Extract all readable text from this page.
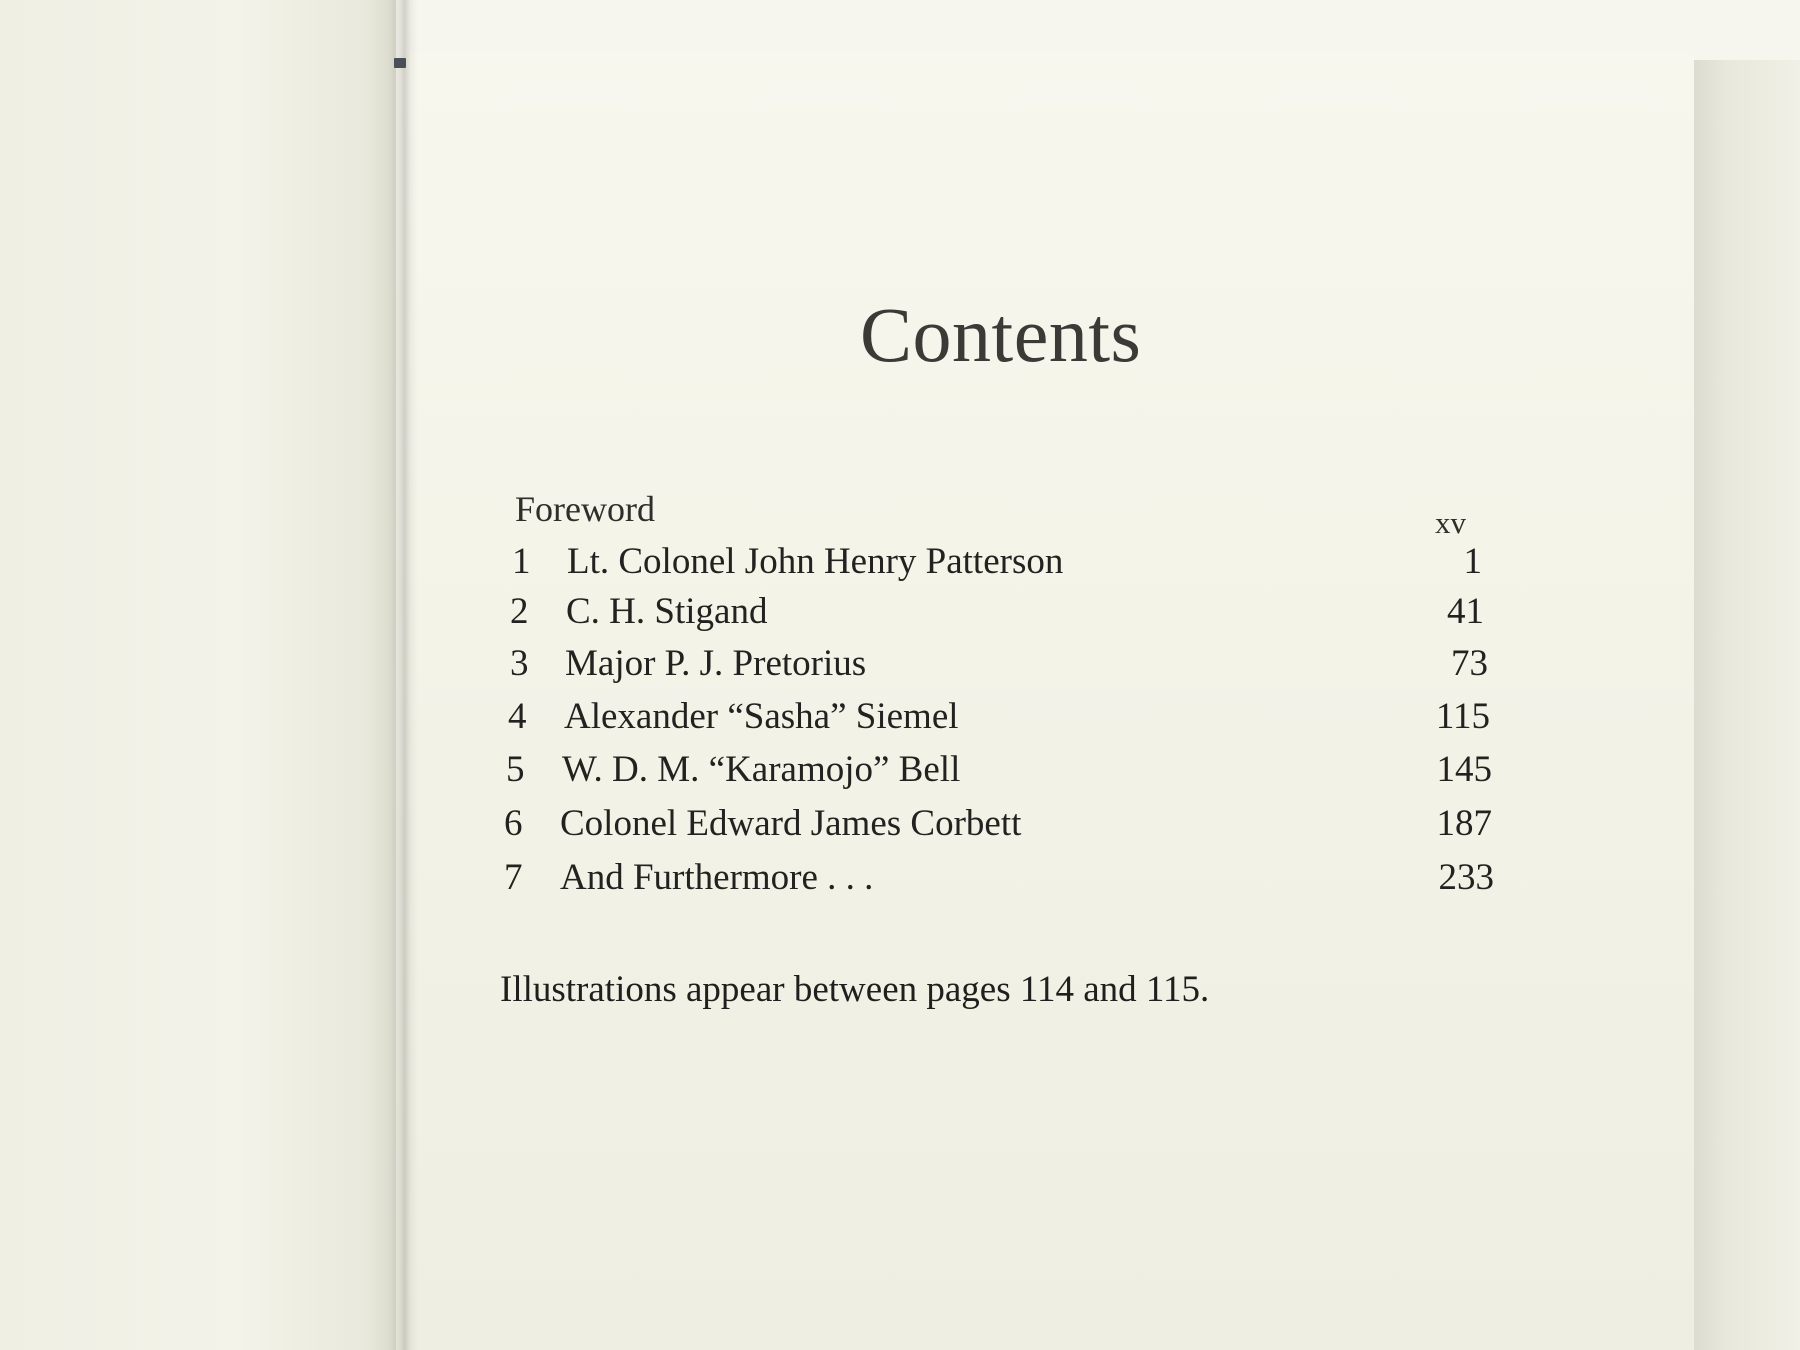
Contents
Foreword	xv
1 Lt. Colonel John Henry Patterson	1
2	C. H. Stigand	41
3 Major P. J. Pretorius	73
4	Alexander “Sasha” Siemel	115
5	W. D. M. “Karamojo” Bell	145
6	Colonel Edward James Corbett	187
7	And Furthermore . . .	233
Illustrations appear between pages 114 and 115.
